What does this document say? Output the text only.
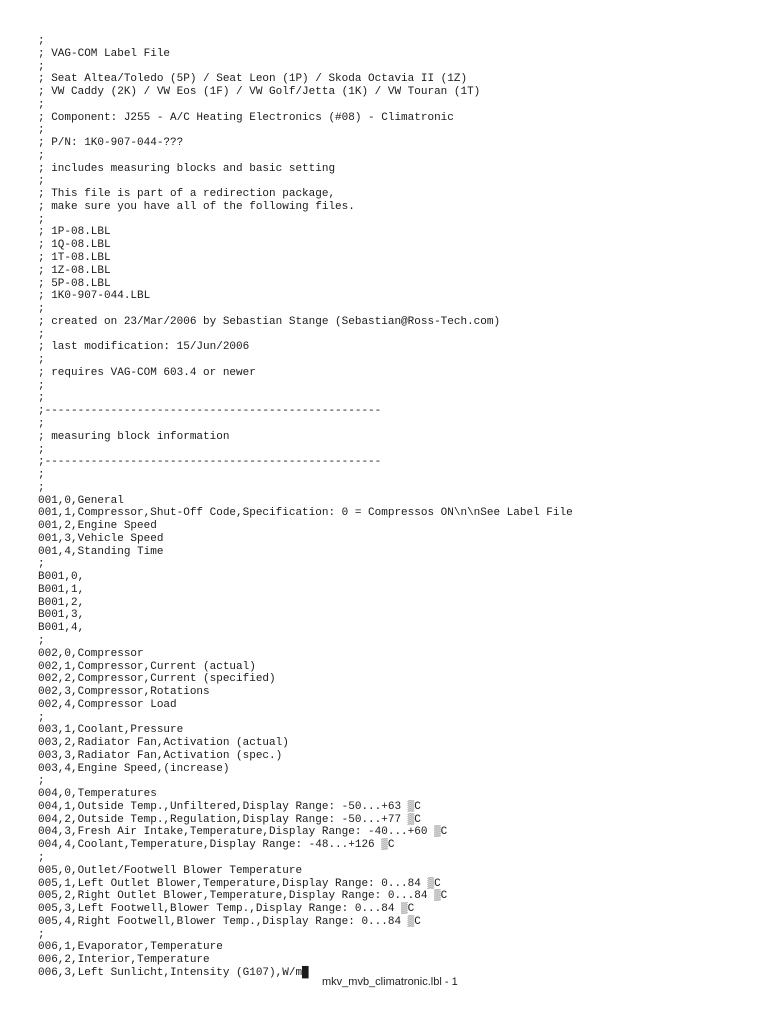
;
; VAG-COM Label File
;
; Seat Altea/Toledo (5P) / Seat Leon (1P) / Skoda Octavia II (1Z)
; VW Caddy (2K) / VW Eos (1F) / VW Golf/Jetta (1K) / VW Touran (1T)
;
; Component: J255 - A/C Heating Electronics (#08) - Climatronic
;
; P/N: 1K0-907-044-???
;
; includes measuring blocks and basic setting
;
; This file is part of a redirection package,
; make sure you have all of the following files.
;
; 1P-08.LBL
; 1Q-08.LBL
; 1T-08.LBL
; 1Z-08.LBL
; 5P-08.LBL
; 1K0-907-044.LBL
;
; created on 23/Mar/2006 by Sebastian Stange (Sebastian@Ross-Tech.com)
;
; last modification: 15/Jun/2006
;
; requires VAG-COM 603.4 or newer
;
;
;---------------------------------------------------
;
; measuring block information
;
;---------------------------------------------------
;
;
001,0,General
001,1,Compressor,Shut-Off Code,Specification: 0 = Compressos ON\n\nSee Label File
001,2,Engine Speed
001,3,Vehicle Speed
001,4,Standing Time
;
B001,0,
B001,1,
B001,2,
B001,3,
B001,4,
;
002,0,Compressor
002,1,Compressor,Current (actual)
002,2,Compressor,Current (specified)
002,3,Compressor,Rotations
002,4,Compressor Load
;
003,1,Coolant,Pressure
003,2,Radiator Fan,Activation (actual)
003,3,Radiator Fan,Activation (spec.)
003,4,Engine Speed,(increase)
;
004,0,Temperatures
004,1,Outside Temp.,Unfiltered,Display Range: -50...+63 ▒C
004,2,Outside Temp.,Regulation,Display Range: -50...+77 ▒C
004,3,Fresh Air Intake,Temperature,Display Range: -40...+60 ▒C
004,4,Coolant,Temperature,Display Range: -48...+126 ▒C
;
005,0,Outlet/Footwell Blower Temperature
005,1,Left Outlet Blower,Temperature,Display Range: 0...84 ▒C
005,2,Right Outlet Blower,Temperature,Display Range: 0...84 ▒C
005,3,Left Footwell,Blower Temp.,Display Range: 0...84 ▒C
005,4,Right Footwell,Blower Temp.,Display Range: 0...84 ▒C
;
006,1,Evaporator,Temperature
006,2,Interior,Temperature
006,3,Left Sunlicht,Intensity (G107),W/m█
mkv_mvb_climatronic.lbl - 1
